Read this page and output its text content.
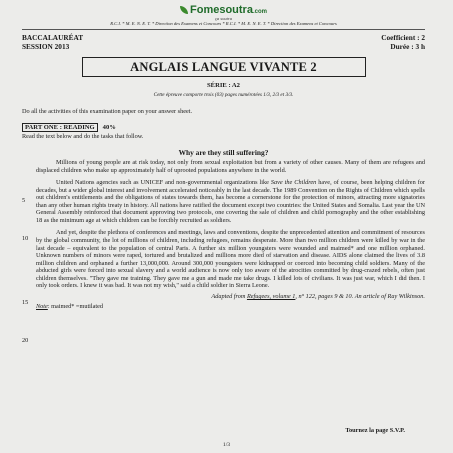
Fomesoutra.com
ça soutra
R.C.I. * M. E. N. E. T. * Direction des Examens et Concours * R.C.I. * M. E. N. E. T. * Direction des Examens et Concours
BACCALAURÉAT
SESSION 2013
Coefficient : 2
Durée : 3 h
ANGLAIS LANGUE VIVANTE 2
SÉRIE : A2
Cette épreuve comporte trois (03) pages numérotées 1/3, 2/3 et 3/3.

Do all the activities of this examination paper on your answer sheet.

PART ONE : READING 40%

Read the text below and do the tasks that follow.

Why are they still suffering?
5
10
15
20

Millions of young people are at risk today, not only from sexual exploitation but from a variety of other causes. Many of them are refugees and displaced children who make up approximately half of uprooted populations anywhere in the world.

United Nations agencies such as UNICEF and non-governmental organizations like Save the Children have, of course, been helping children for decades, but a wider global interest and involvement accelerated noticeably in the last decade. The 1989 Convention on the Rights of Children which spells out children's entitlements and the obligations of states towards them, has become a cornerstone for the protection of minors, attracting more signatories than any other human rights treaty in history. All nations have ratified the document except two countries: the United States and Somalia. Last year the UN General Assembly reinforced that document approving two protocols, one covering the sale of children and child pornography and the other establishing 18 as the minimum age at which children can be forcibly recruited as soldiers.

And yet, despite the plethora of conferences and meetings, laws and conventions, despite the unprecedented attention and commitment of resources by the global community, the lot of millions of children, including refugees, remains desperate. More than two million children were killed by war in the last decade – equivalent to the population of central Paris. A further six million youngsters were wounded and maimed* and one million orphaned. Unknown numbers of minors were raped, tortured and brutalized and millions more died of starvation and disease. AIDS alone claimed the lives of 3.8 million children and orphaned a further 13,000,000. Around 300,000 youngsters were kidnapped or coerced into becoming child soldiers. Many of the abducted girls were forced into sexual slavery and a world audience is now only too aware of the atrocities committed by drug-crazed rebels, often just children themselves. "They gave me training. They gave me a gun and made me take drugs. I killed lots of civilians. It was just war, which I did then. I only took orders. I knew it was bad. It was not my wish," said a child soldier in Sierra Leone.

Adapted from Refugees, volume 1, n° 122, pages 9 & 10. An article of Ray Wilkinson.
Note: maimed* =mutilated
Tournez la page S.V.P.
1/3
